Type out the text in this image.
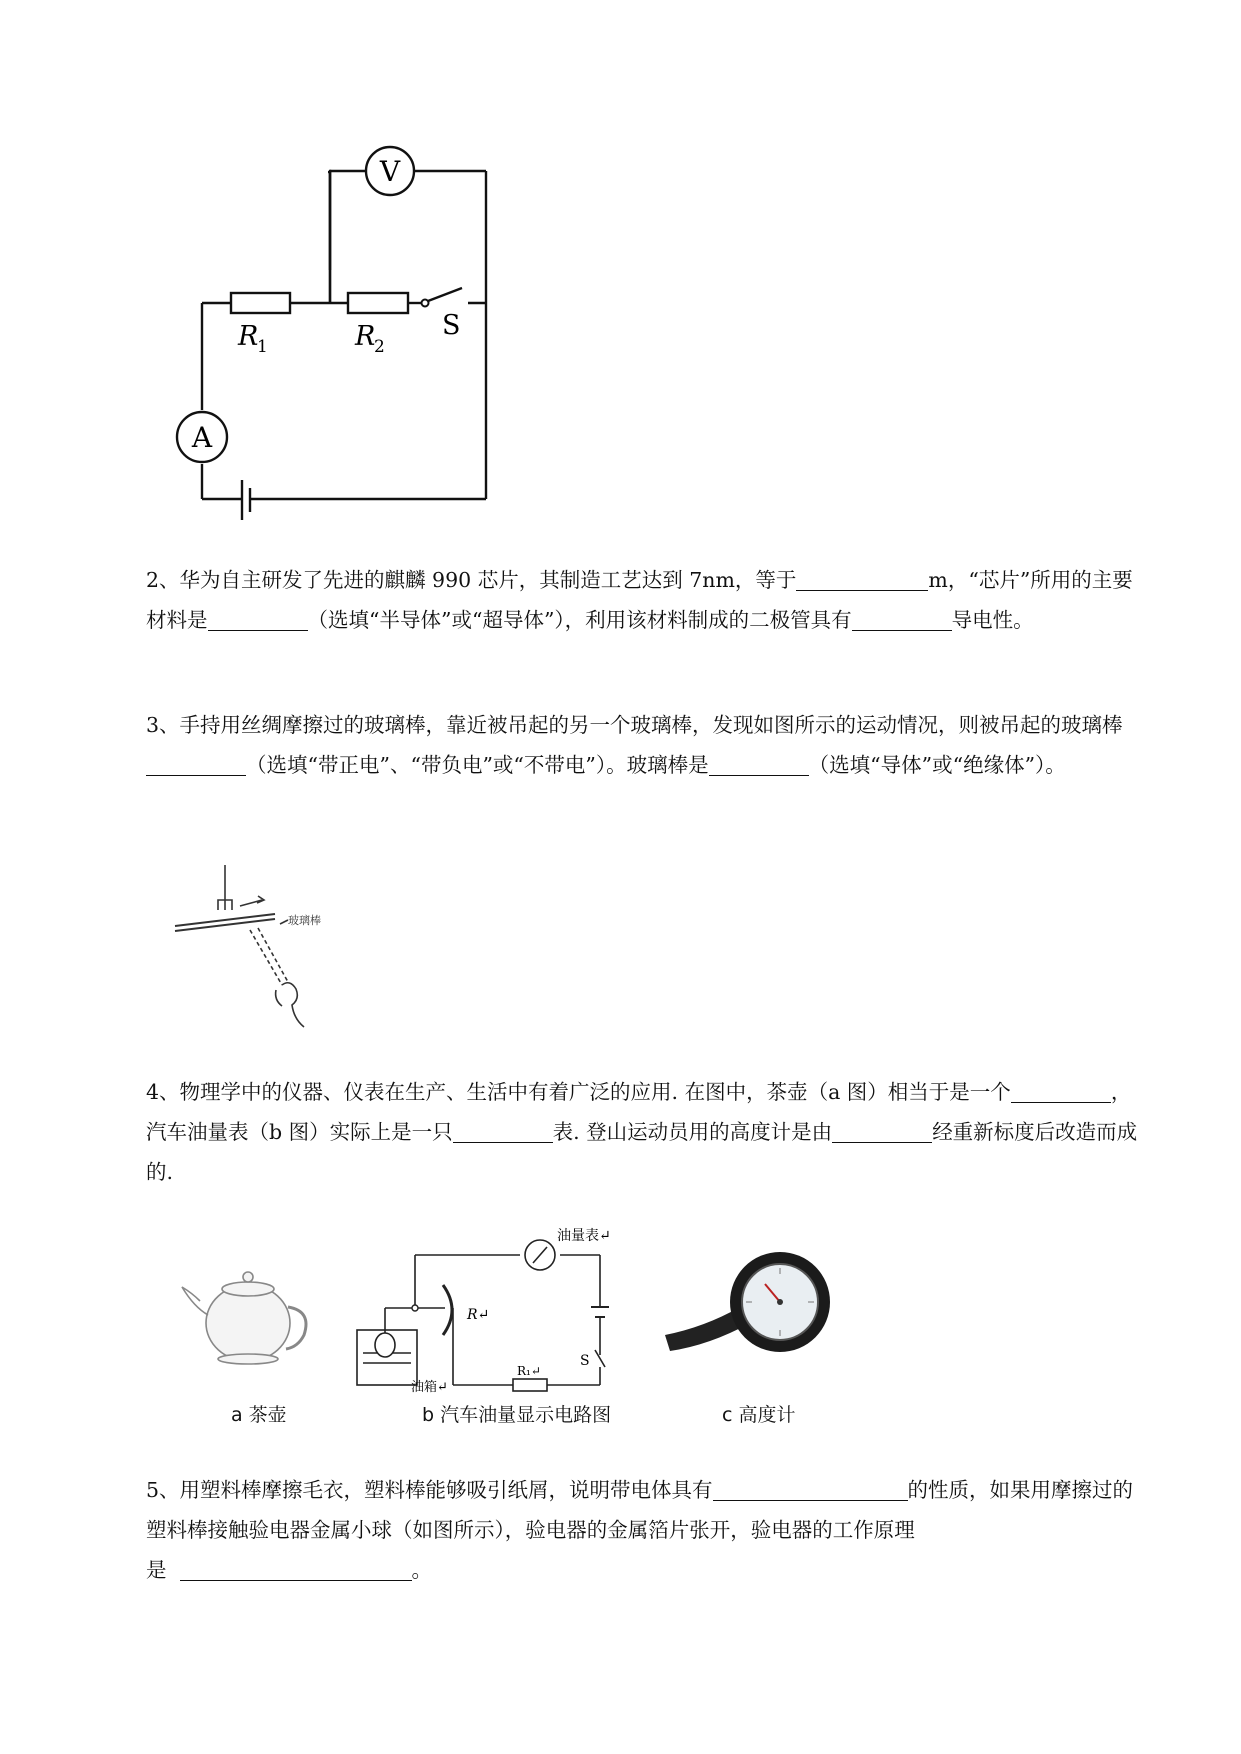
V
A
R
1	R
2
S
2、华为自主研发了先进的麒麟 990 芯片，其制造工艺达到 7nm，等于	m，“芯片”所用的主要材料是	（选填“半导体”或“超导体”），利用该材料制成的二极管具有	导电性。
3、手持用丝绸摩擦过的玻璃棒，靠近被吊起的另一个玻璃棒，发现如图所示的运动情况，则被吊起的玻璃棒（选填“带正电”、“带负电”或“不带电”）。玻璃棒是	（选填“导体”或“绝缘体”）。
玻璃棒
4、物理学中的仪器、仪表在生产、生活中有着广泛的应用. 在图中，茶壶（a 图）相当于是一个	，汽车油量表（b 图）实际上是一只	表. 登山运动员用的高度计是由	经重新标度后改造而成的.
a 茶壶
油量表↵
R↵
R₁↵
S
油箱↵
b 汽车油量显示电路图	c 高度计
5、用塑料棒摩擦毛衣，塑料棒能够吸引纸屑，说明带电体具有	的性质，如果用摩擦过的塑料棒接触验电器金属小球（如图所示），验电器的金属箔片张开，验电器的工作原理
是	。
